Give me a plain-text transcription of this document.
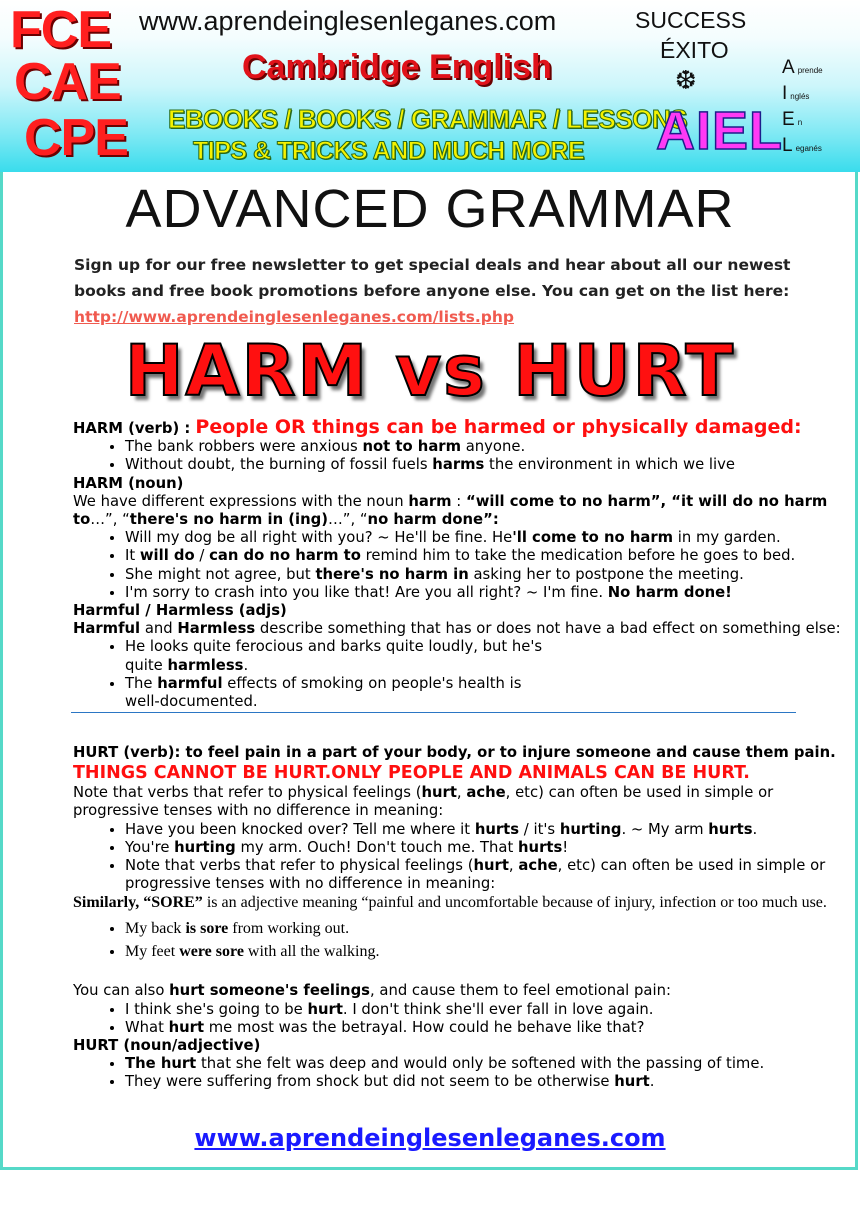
FCE
CAE
CPE
www.aprendeinglesenleganes.com
Cambridge English
EBOOKS / BOOKS / GRAMMAR / LESSONS
TIPS & TRICKS AND MUCH MORE
SUCCESS
ÉXITO
❆
AIEL
Aprende
Inglés
En
Leganés
ADVANCED GRAMMAR
Sign up for our free newsletter to get special deals and hear about all our newest books and free book promotions before anyone else. You can get on the list here: http://www.aprendeinglesenleganes.com/lists.php
HARM vs HURT

HARM (verb) : People OR things can be harmed or physically damaged:

• The bank robbers were anxious not to harm anyone.
• Without doubt, the burning of fossil fuels harms the environment in which we live

HARM (noun)

We have different expressions with the noun harm : “will come to no harm”, “it will do no harm to…”, “there's no harm in (ing)…”, “no harm done”:

• Will my dog be all right with you? ~ He'll be fine. He'll come to no harm in my garden.
• It will do / can do no harm to remind him to take the medication before he goes to bed.
• She might not agree, but there's no harm in asking her to postpone the meeting.
• I'm sorry to crash into you like that! Are you all right? ~ I'm fine. No harm done!

Harmful / Harmless (adjs)

Harmful and Harmless describe something that has or does not have a bad effect on something else:

• He looks quite ferocious and barks quite loudly, but he's
quite harmless.
• The harmful effects of smoking on people's health is
well-documented.

HURT (verb): to feel pain in a part of your body, or to injure someone and cause them pain.

THINGS CANNOT BE HURT.ONLY PEOPLE AND ANIMALS CAN BE HURT.

Note that verbs that refer to physical feelings (hurt, ache, etc) can often be used in simple or progressive tenses with no difference in meaning:

• Have you been knocked over? Tell me where it hurts / it's hurting. ~ My arm hurts.
• You're hurting my arm. Ouch! Don't touch me. That hurts!
• Note that verbs that refer to physical feelings (hurt, ache, etc) can often be used in simple or progressive tenses with no difference in meaning:

Similarly, “SORE” is an adjective meaning “painful and uncomfortable because of injury, infection or too much use.

• My back is sore from working out.
• My feet were sore with all the walking.

You can also hurt someone's feelings, and cause them to feel emotional pain:

• I think she's going to be hurt. I don't think she'll ever fall in love again.
• What hurt me most was the betrayal. How could he behave like that?

HURT (noun/adjective)

• The hurt that she felt was deep and would only be softened with the passing of time.
• They were suffering from shock but did not seem to be otherwise hurt.
www.aprendeinglesenleganes.com
